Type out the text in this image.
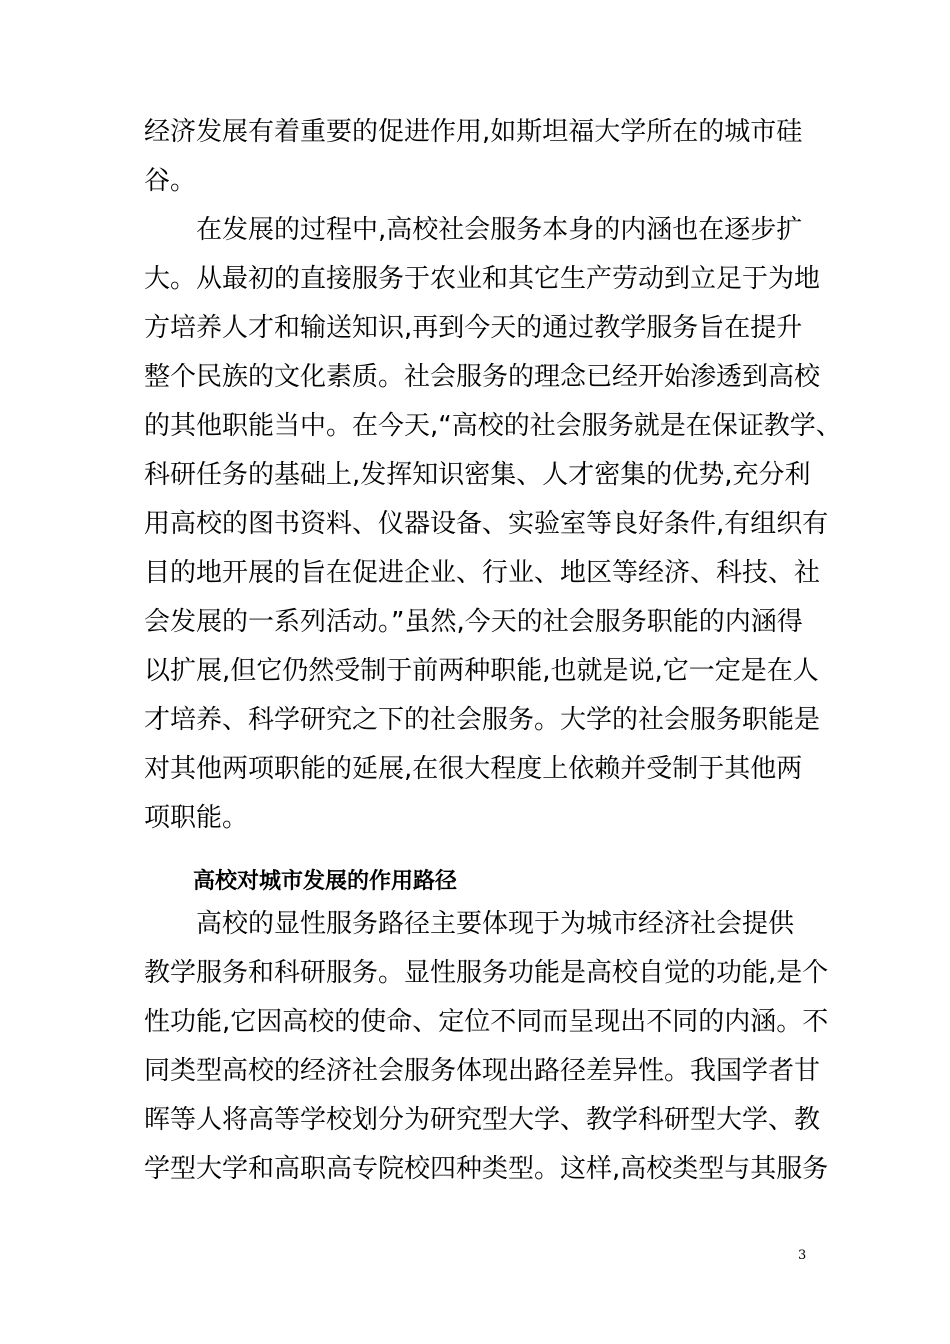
经济发展有着重要的促进作用,如斯坦福大学所在的城市硅

谷。

　　在发展的过程中,高校社会服务本身的内涵也在逐步扩

大。从最初的直接服务于农业和其它生产劳动到立足于为地

方培养人才和输送知识,再到今天的通过教学服务旨在提升

整个民族的文化素质。社会服务的理念已经开始渗透到高校

的其他职能当中。在今天,“高校的社会服务就是在保证教学、

科研任务的基础上,发挥知识密集、人才密集的优势,充分利

用高校的图书资料、仪器设备、实验室等良好条件,有组织有

目的地开展的旨在促进企业、行业、地区等经济、科技、社

会发展的一系列活动。”虽然,今天的社会服务职能的内涵得

以扩展,但它仍然受制于前两种职能,也就是说,它一定是在人

才培养、科学研究之下的社会服务。大学的社会服务职能是

对其他两项职能的延展,在很大程度上依赖并受制于其他两

项职能。

高校对城市发展的作用路径

　　高校的显性服务路径主要体现于为城市经济社会提供

教学服务和科研服务。显性服务功能是高校自觉的功能,是个

性功能,它因高校的使命、定位不同而呈现出不同的内涵。不

同类型高校的经济社会服务体现出路径差异性。我国学者甘

晖等人将高等学校划分为研究型大学、教学科研型大学、教

学型大学和高职高专院校四种类型。这样,高校类型与其服务

3
